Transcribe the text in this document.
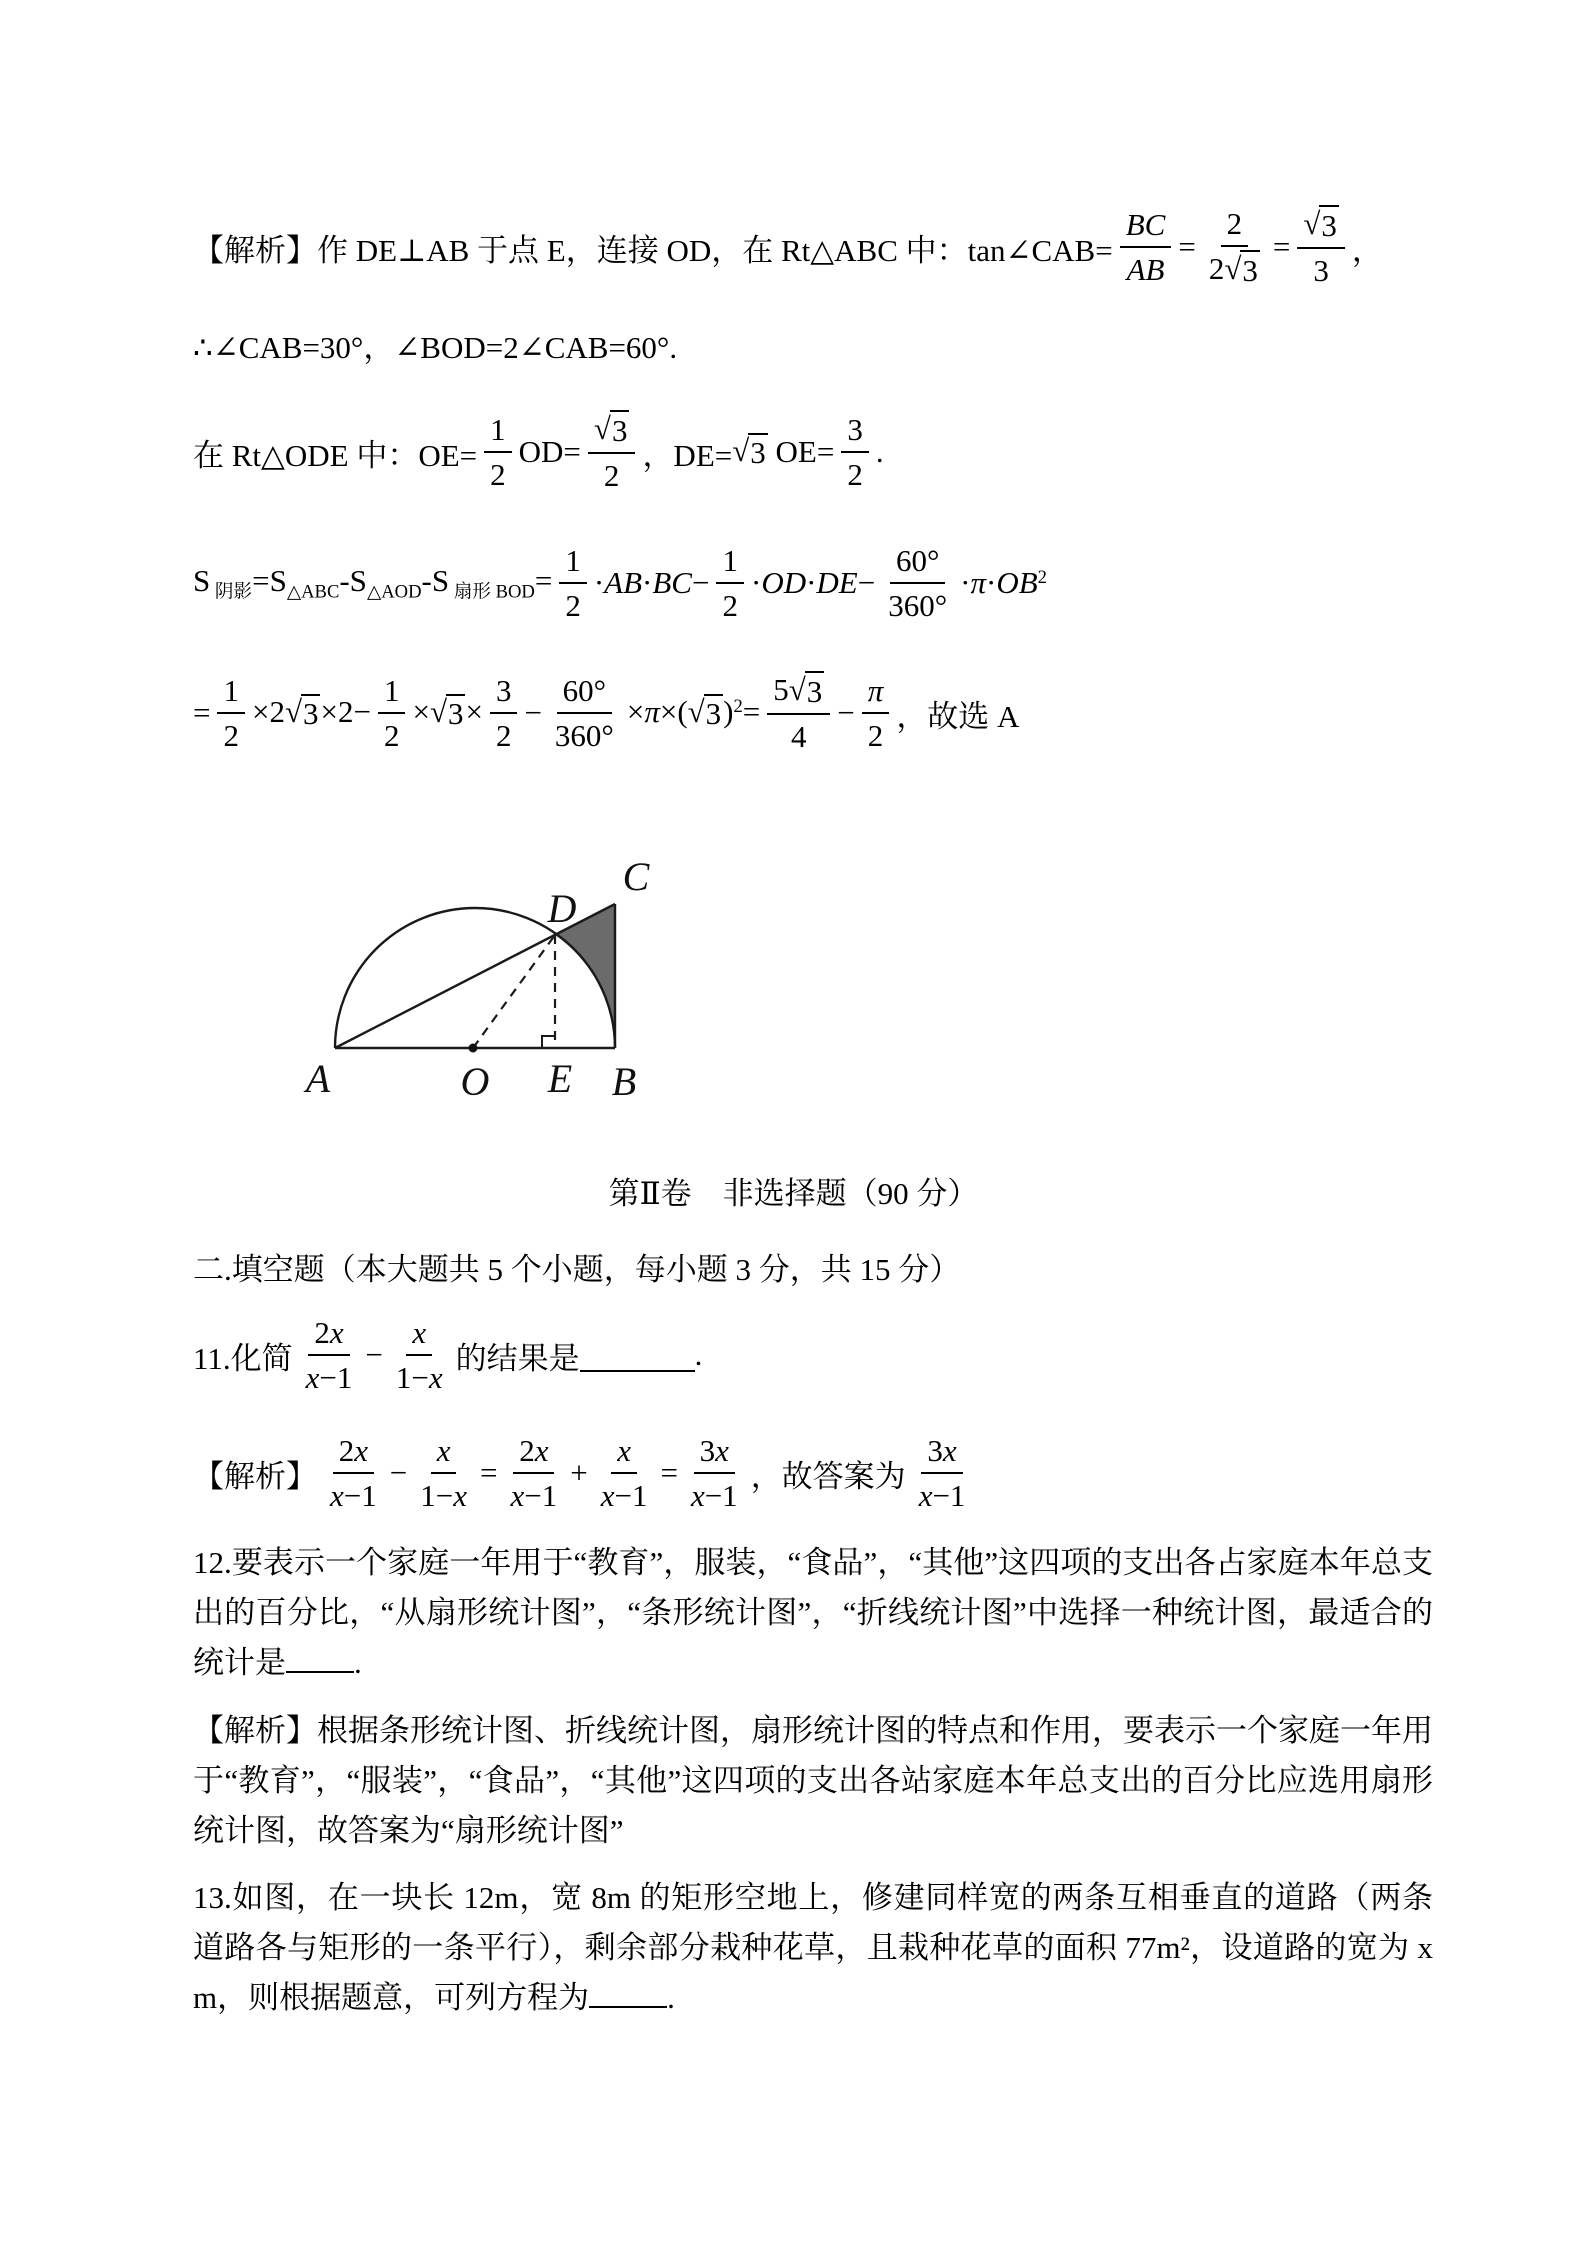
【解析】作 DE⊥AB 于点 E，连接 OD，在 Rt△ABC 中：tan∠CAB= $\frac{BC}{AB} = \frac{2}{2 √ 3} = \frac{√ 3}{3}$ ，
∴∠CAB=30°，∠BOD=2∠CAB=60°.
在 Rt△ODE 中：$OE= \frac{1}{2} OD= \frac{√ 3}{2}$ ，DE= √ 3 $OE= \frac{3}{2}$ .
S $_{阴影}=S_{\triangle ABC}-S_{\triangle AOD}-S$ $_{扇形 BOD}= \frac{1}{2} \cdot AB\cdot BC- \frac{1}{2} \cdot OD\cdot DE- \frac{60^\circ}{360^\circ} \cdot\pi\cdot OB^2$
= $\frac{1}{2} \times 2$ √ $3 \times 2- \frac{1}{2}$ × √ $3 \times \frac{3}{2} - \frac{60^\circ}{360^\circ} \times\pi\times$( √ 3 )$^2= \frac{5 √ 3}{4} - \frac{\pi}{2}$ ，故选 A
A	O E B
D
C
第Ⅱ卷　非选择题（90 分）
二.填空题（本大题共 5 个小题，每小题 3 分，共 15 分）
11.化简 $\frac{2 x}{x -1} - \frac{x}{1- x}$ 的结果是	.
【解析】 $\frac{2 x}{x -1} - \frac{x}{1- x} = \frac{2 x}{x -1} + \frac{x}{x -1} = \frac{3 x}{x -1}$ ，故答案为 $\frac{3 x}{x -1}$
12.要表示一个家庭一年用于“教育”，服装，“食品”，“其他”这四项的支出各占家庭本年总支出的百分比，“从扇形统计图”，“条形统计图”，“折线统计图”中选择一种统计图，最适合的统计是 .
【解析】根据条形统计图、折线统计图，扇形统计图的特点和作用，要表示一个家庭一年用于“教育”，“服装”，“食品”，“其他”这四项的支出各站家庭本年总支出的百分比应选用扇形统计图，故答案为“扇形统计图”
13.如图，在一块长 12m，宽 8m 的矩形空地上，修建同样宽的两条互相垂直的道路（两条道路各与矩形的一条平行），剩余部分栽种花草，且栽种花草的面积 77m²，设道路的宽为 x m，则根据题意，可列方程为	.
